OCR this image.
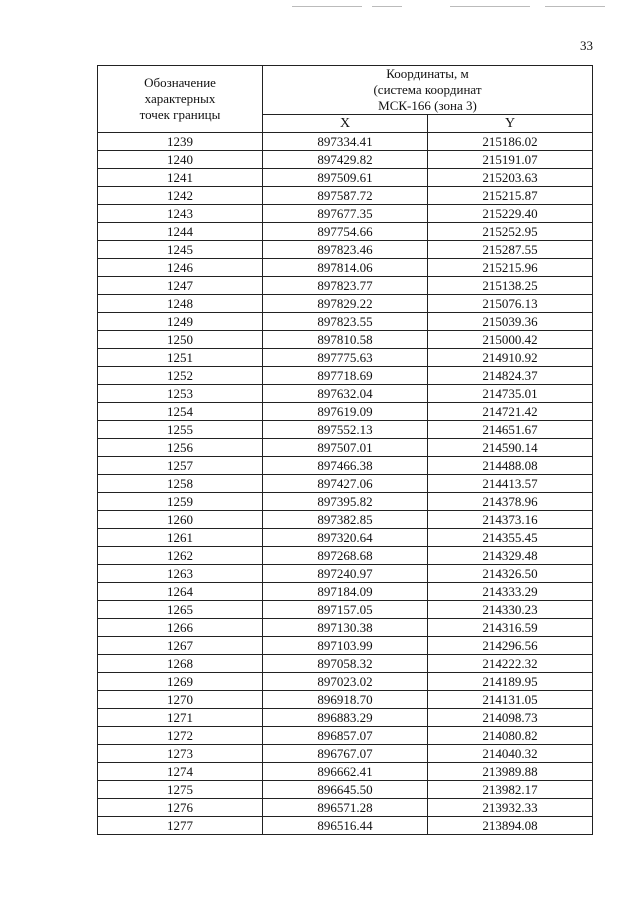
33
Обозначение
характерных
точек границы	Координаты, м
(система координат
МСК-166 (зона 3)	

	X	Y
1239	897334.41	215186.02
1240	897429.82	215191.07
1241	897509.61	215203.63
1242	897587.72	215215.87
1243	897677.35	215229.40
1244	897754.66	215252.95
1245	897823.46	215287.55
1246	897814.06	215215.96
1247	897823.77	215138.25
1248	897829.22	215076.13
1249	897823.55	215039.36
1250	897810.58	215000.42
1251	897775.63	214910.92
1252	897718.69	214824.37
1253	897632.04	214735.01
1254	897619.09	214721.42
1255	897552.13	214651.67
1256	897507.01	214590.14
1257	897466.38	214488.08
1258	897427.06	214413.57
1259	897395.82	214378.96
1260	897382.85	214373.16
1261	897320.64	214355.45
1262	897268.68	214329.48
1263	897240.97	214326.50
1264	897184.09	214333.29
1265	897157.05	214330.23
1266	897130.38	214316.59
1267	897103.99	214296.56
1268	897058.32	214222.32
1269	897023.02	214189.95
1270	896918.70	214131.05
1271	896883.29	214098.73
1272	896857.07	214080.82
1273	896767.07	214040.32
1274	896662.41	213989.88
1275	896645.50	213982.17
1276	896571.28	213932.33
1277	896516.44	213894.08
